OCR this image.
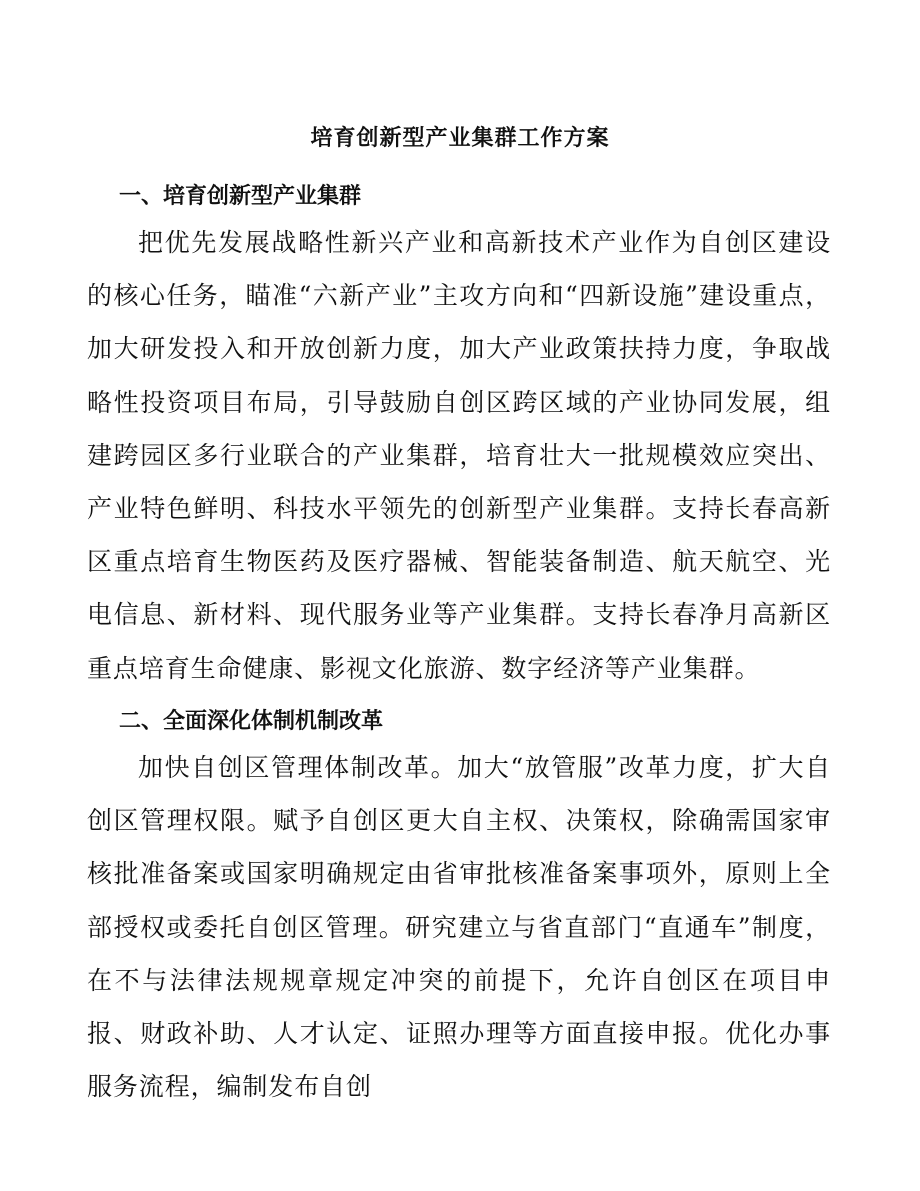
培育创新型产业集群工作方案
一、培育创新型产业集群

把优先发展战略性新兴产业和高新技术产业作为自创区建设的核心任务，瞄准“六新产业”主攻方向和“四新设施”建设重点，加大研发投入和开放创新力度，加大产业政策扶持力度，争取战略性投资项目布局，引导鼓励自创区跨区域的产业协同发展，组建跨园区多行业联合的产业集群，培育壮大一批规模效应突出、产业特色鲜明、科技水平领先的创新型产业集群。支持长春高新区重点培育生物医药及医疗器械、智能装备制造、航天航空、光电信息、新材料、现代服务业等产业集群。支持长春净月高新区重点培育生命健康、影视文化旅游、数字经济等产业集群。

二、全面深化体制机制改革

加快自创区管理体制改革。加大“放管服”改革力度，扩大自创区管理权限。赋予自创区更大自主权、决策权，除确需国家审核批准备案或国家明确规定由省审批核准备案事项外，原则上全部授权或委托自创区管理。研究建立与省直部门“直通车”制度，在不与法律法规规章规定冲突的前提下，允许自创区在项目申报、财政补助、人才认定、证照办理等方面直接申报。优化办事服务流程，编制发布自创
